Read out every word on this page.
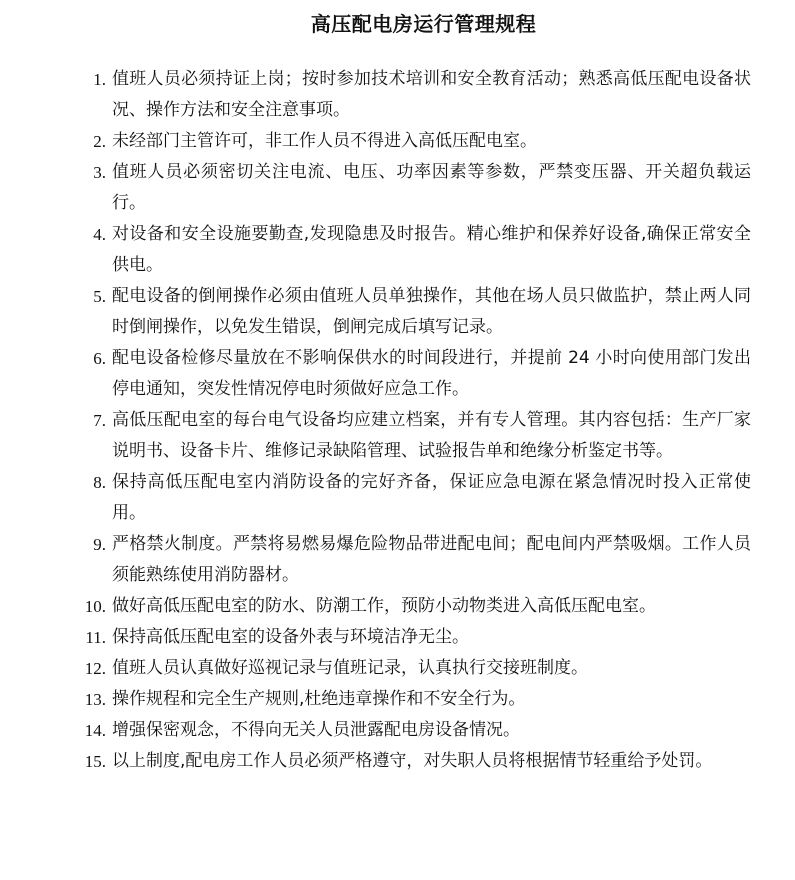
高压配电房运行管理规程
1. 值班人员必须持证上岗；按时参加技术培训和安全教育活动；熟悉高低压配电设备状况、操作方法和安全注意事项。
2. 未经部门主管许可，非工作人员不得进入高低压配电室。
3. 值班人员必须密切关注电流、电压、功率因素等参数，严禁变压器、开关超负载运行。
4. 对设备和安全设施要勤查,发现隐患及时报告。精心维护和保养好设备,确保正常安全供电。
5. 配电设备的倒闸操作必须由值班人员单独操作，其他在场人员只做监护，禁止两人同时倒闸操作，以免发生错误，倒闸完成后填写记录。
6. 配电设备检修尽量放在不影响保供水的时间段进行，并提前 24 小时向使用部门发出停电通知，突发性情况停电时须做好应急工作。
7. 高低压配电室的每台电气设备均应建立档案，并有专人管理。其内容包括：生产厂家说明书、设备卡片、维修记录缺陷管理、试验报告单和绝缘分析鉴定书等。
8. 保持高低压配电室内消防设备的完好齐备，保证应急电源在紧急情况时投入正常使用。
9. 严格禁火制度。严禁将易燃易爆危险物品带进配电间；配电间内严禁吸烟。工作人员须能熟练使用消防器材。
10. 做好高低压配电室的防水、防潮工作，预防小动物类进入高低压配电室。
11. 保持高低压配电室的设备外表与环境洁净无尘。
12. 值班人员认真做好巡视记录与值班记录，认真执行交接班制度。
13. 操作规程和完全生产规则,杜绝违章操作和不安全行为。
14. 增强保密观念，不得向无关人员泄露配电房设备情况。
15. 以上制度,配电房工作人员必须严格遵守，对失职人员将根据情节轻重给予处罚。
